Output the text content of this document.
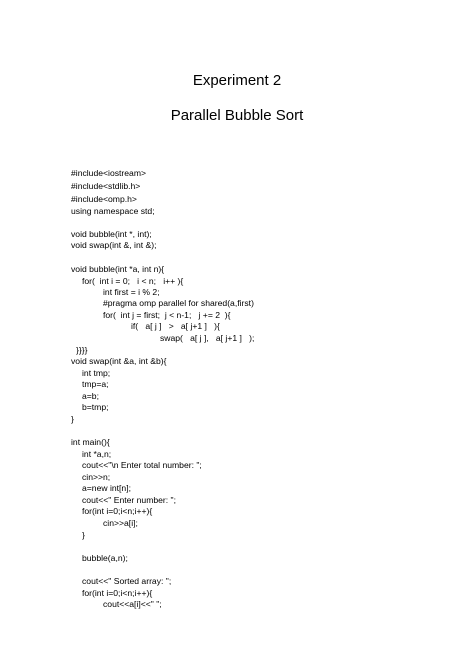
Experiment 2
Parallel Bubble Sort

#include<iostream>

#include<stdlib.h>

#include<omp.h>

using namespace std;

void bubble(int *, int);

void swap(int &, int &);

void bubble(int *a, int n){

for(  int i = 0;   i < n;   i++ ){

int first = i % 2;

#pragma omp parallel for shared(a,first)

for(  int j = first;  j < n-1;   j += 2  ){

if(   a[ j ]   >   a[ j+1 ]   ){

swap(   a[ j ],   a[ j+1 ]   );

}}}}

void swap(int &a, int &b){

int tmp;

tmp=a;

a=b;

b=tmp;

}

int main(){

int *a,n;

cout<<"\n Enter total number: ";

cin>>n;

a=new int[n];

cout<<" Enter number: ";

for(int i=0;i<n;i++){

cin>>a[i];

}

bubble(a,n);

cout<<" Sorted array: ";

for(int i=0;i<n;i++){

cout<<a[i]<<" ";
